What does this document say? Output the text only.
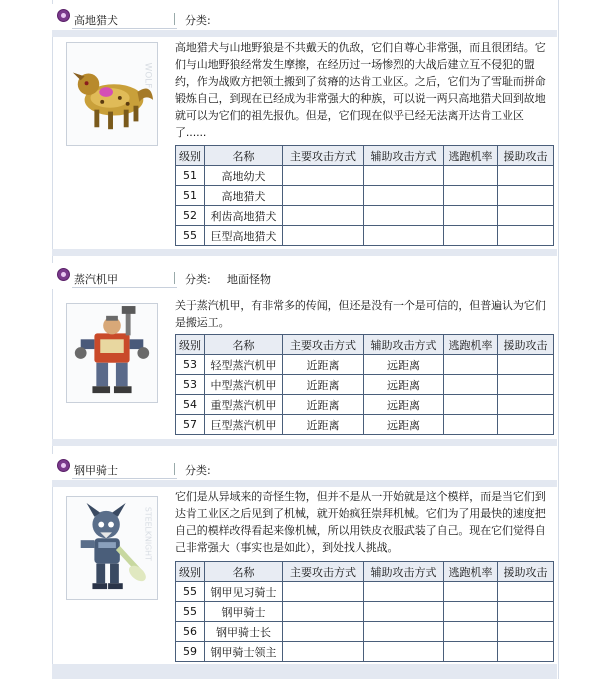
高地猎犬	分类:
WOLF
高地猎犬与山地野狼是不共戴天的仇敌，它们自尊心非常强，而且很团结。它们与山地野狼经常发生摩擦，在经历过一场惨烈的大战后建立互不侵犯的盟约，作为战败方把领土搬到了贫瘠的达肯工业区。之后，它们为了雪耻而拼命锻炼自己，到现在已经成为非常强大的种族，可以说一两只高地猎犬回到故地就可以为它们的祖先报仇。但是，它们现在似乎已经无法离开达肯工业区了......
级别	名称	主要攻击方式	辅助攻击方式	逃跑机率	援助攻击
51	高地幼犬				
51	高地猎犬				
52	利齿高地猎犬				
55	巨型高地猎犬				
蒸汽机甲	分类: 地面怪物
关于蒸汽机甲，有非常多的传闻，但还是没有一个是可信的，但普遍认为它们是搬运工。
级别	名称	主要攻击方式	辅助攻击方式	逃跑机率	援助攻击
53	轻型蒸汽机甲	近距离	远距离		
53	中型蒸汽机甲	近距离	远距离		
54	重型蒸汽机甲	近距离	远距离		
57	巨型蒸汽机甲	近距离	远距离		
钢甲骑士	分类:
STEELKNIGHT
它们是从异域来的奇怪生物，但并不是从一开始就是这个模样，而是当它们到达肯工业区之后见到了机械，就开始疯狂崇拜机械。它们为了用最快的速度把自己的模样改得看起来像机械，所以用铁皮衣服武装了自己。现在它们觉得自己非常强大（事实也是如此），到处找人挑战。
级别	名称	主要攻击方式	辅助攻击方式	逃跑机率	援助攻击
55	钢甲见习骑士				
55	钢甲骑士				
56	钢甲骑士长				
59	钢甲骑士领主				
